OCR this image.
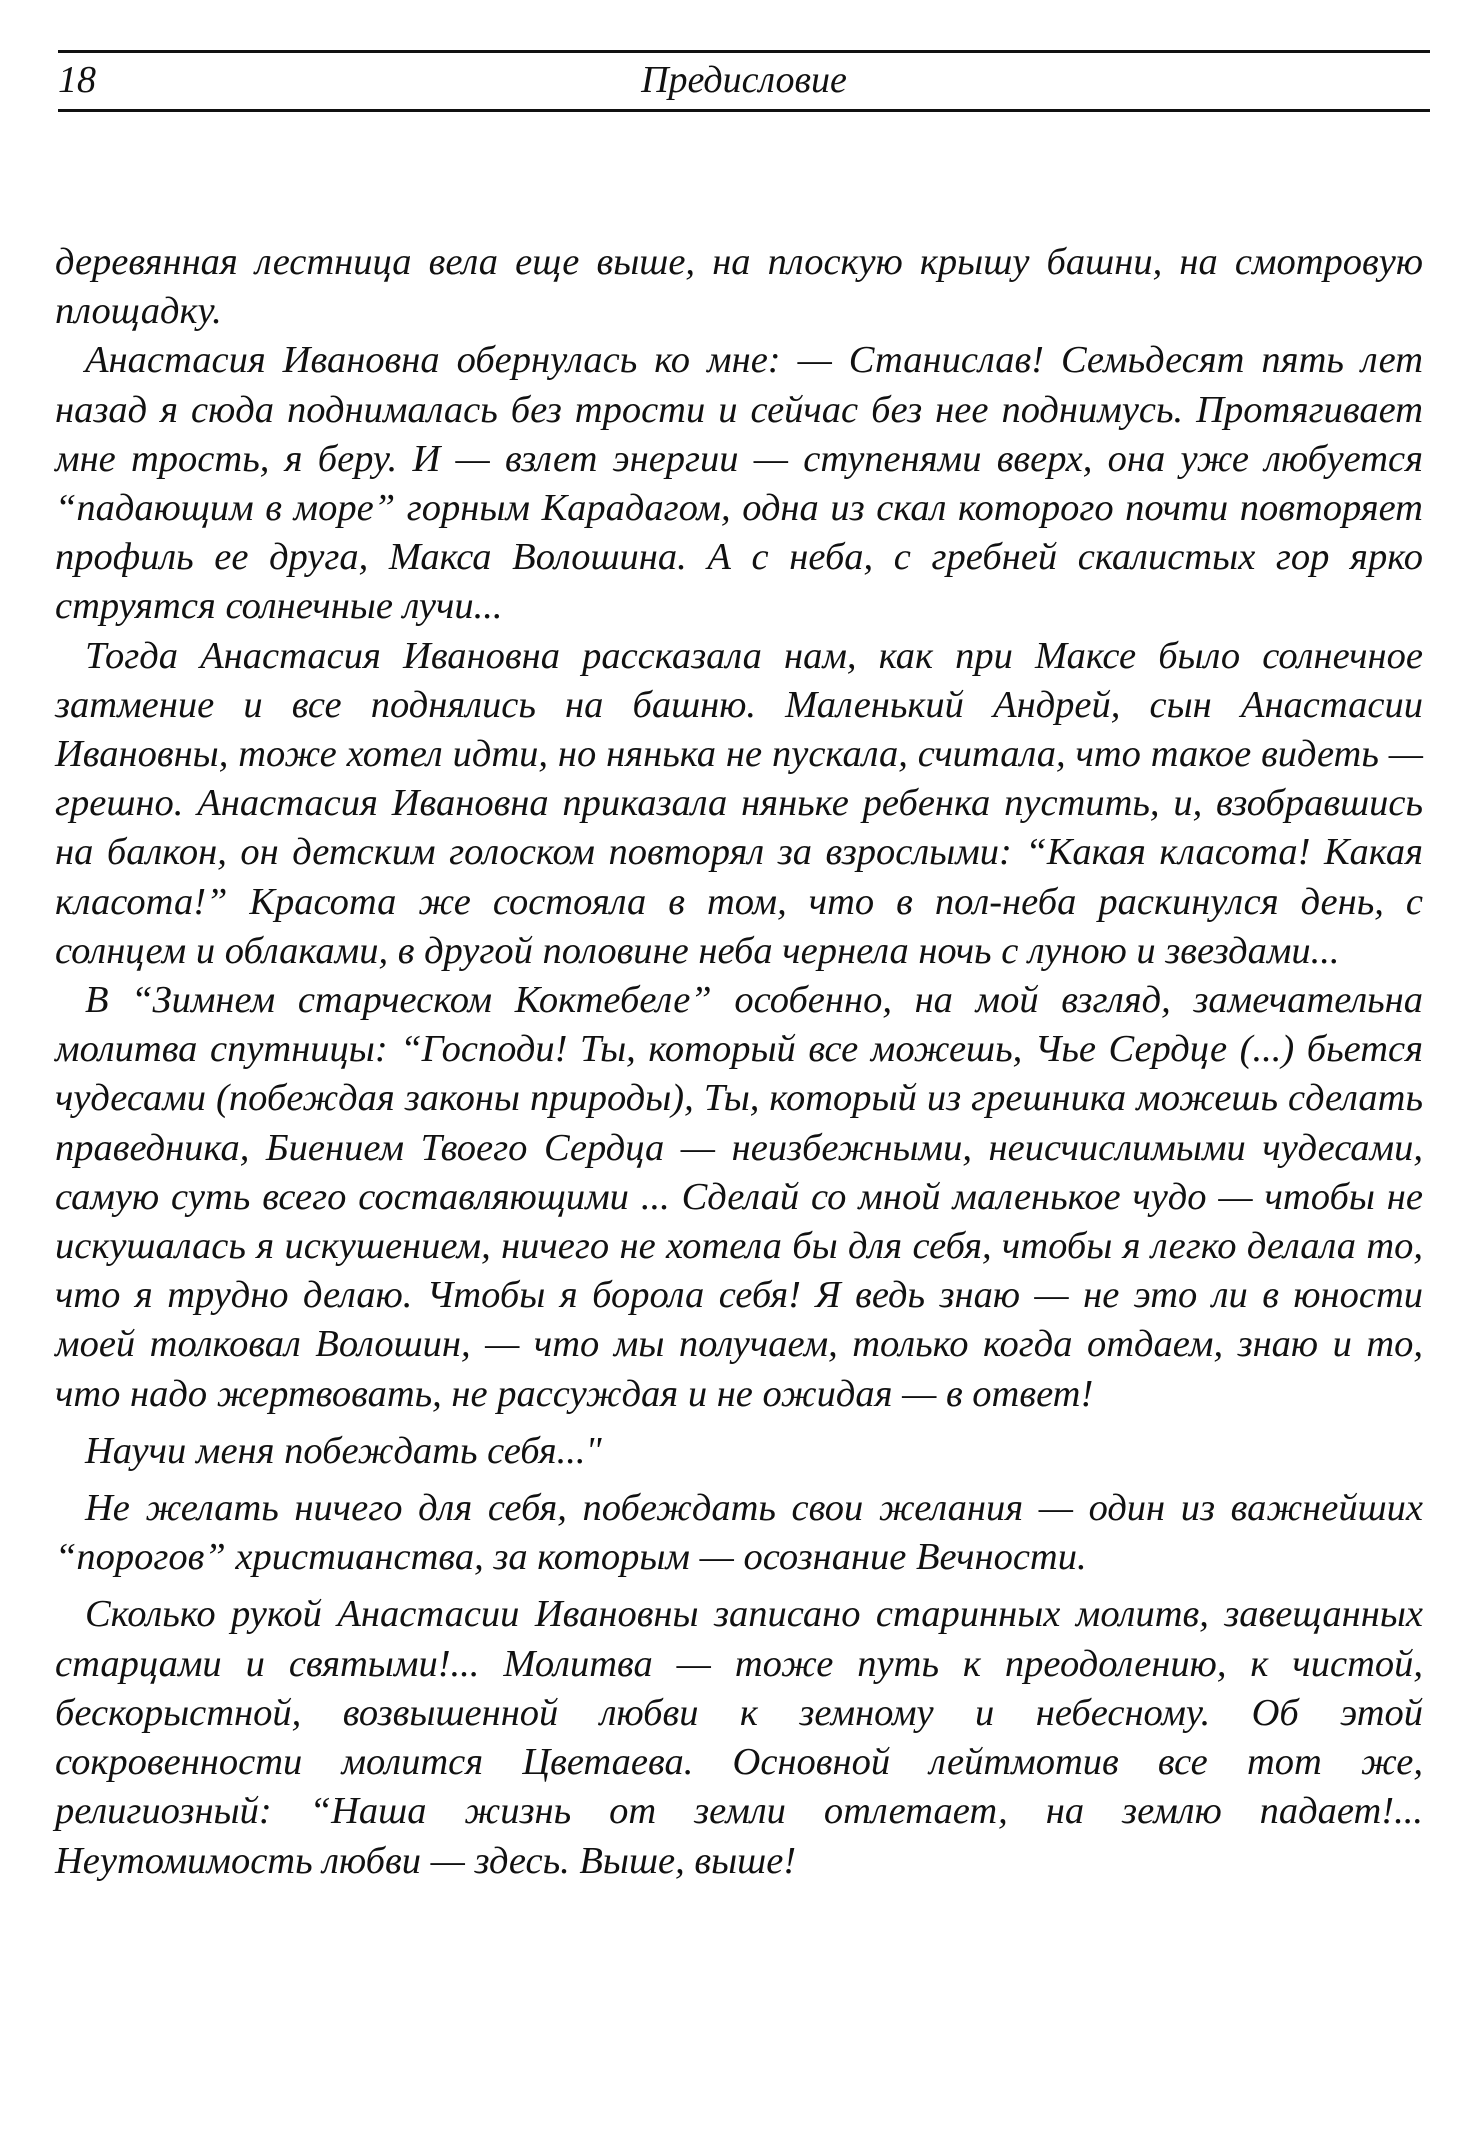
18	Предисловие

деревянная лестница вела еще выше, на плоскую крышу башни, на смотровую площадку.

Анастасия Ивановна обернулась ко мне: — Станислав! Семьдесят пять лет назад я сюда поднималась без трости и сейчас без нее поднимусь. Протягивает мне трость, я беру. И — взлет энергии — ступенями вверх, она уже любуется “падающим в море” горным Карадагом, одна из скал которого почти повторяет профиль ее друга, Макса Волошина. А с неба, с гребней скалистых гор ярко струятся солнечные лучи...

Тогда Анастасия Ивановна рассказала нам, как при Максе было солнечное затмение и все поднялись на башню. Маленький Андрей, сын Анастасии Ивановны, тоже хотел идти, но нянька не пускала, считала, что такое видеть — грешно. Анастасия Ивановна приказала няньке ребенка пустить, и, взобравшись на балкон, он детским голоском повторял за взрослыми: “Какая класота! Какая класота!” Красота же состояла в том, что в пол-неба раскинулся день, с солнцем и облаками, в другой половине неба чернела ночь с луною и звездами...

В “Зимнем старческом Коктебеле” особенно, на мой взгляд, замечательна молитва спутницы: “Господи! Ты, который все можешь, Чье Сердце (...) бьется чудесами (побеждая законы природы), Ты, который из грешника можешь сделать праведника, Биением Твоего Сердца — неизбежными, неисчислимыми чудесами, самую суть всего составляющими ... Сделай со мной маленькое чудо — чтобы не искушалась я искушением, ничего не хотела бы для себя, чтобы я легко делала то, что я трудно делаю. Чтобы я борола себя! Я ведь знаю — не это ли в юности моей толковал Волошин, — что мы получаем, только когда отдаем, знаю и то, что надо жертвовать, не рассуждая и не ожидая — в ответ!

Научи меня побеждать себя..."

Не желать ничего для себя, побеждать свои желания — один из важнейших “порогов” христианства, за которым — осознание Вечности.

Сколько рукой Анастасии Ивановны записано старинных молитв, завещанных старцами и святыми!... Молитва — тоже путь к преодолению, к чистой, бескорыстной, возвышенной любви к земному и небесному. Об этой сокровенности молится Цветаева. Основной лейтмотив все тот же, религиозный: “Наша жизнь от земли отлетает, на землю падает!... Неутомимость любви — здесь. Выше, выше!
